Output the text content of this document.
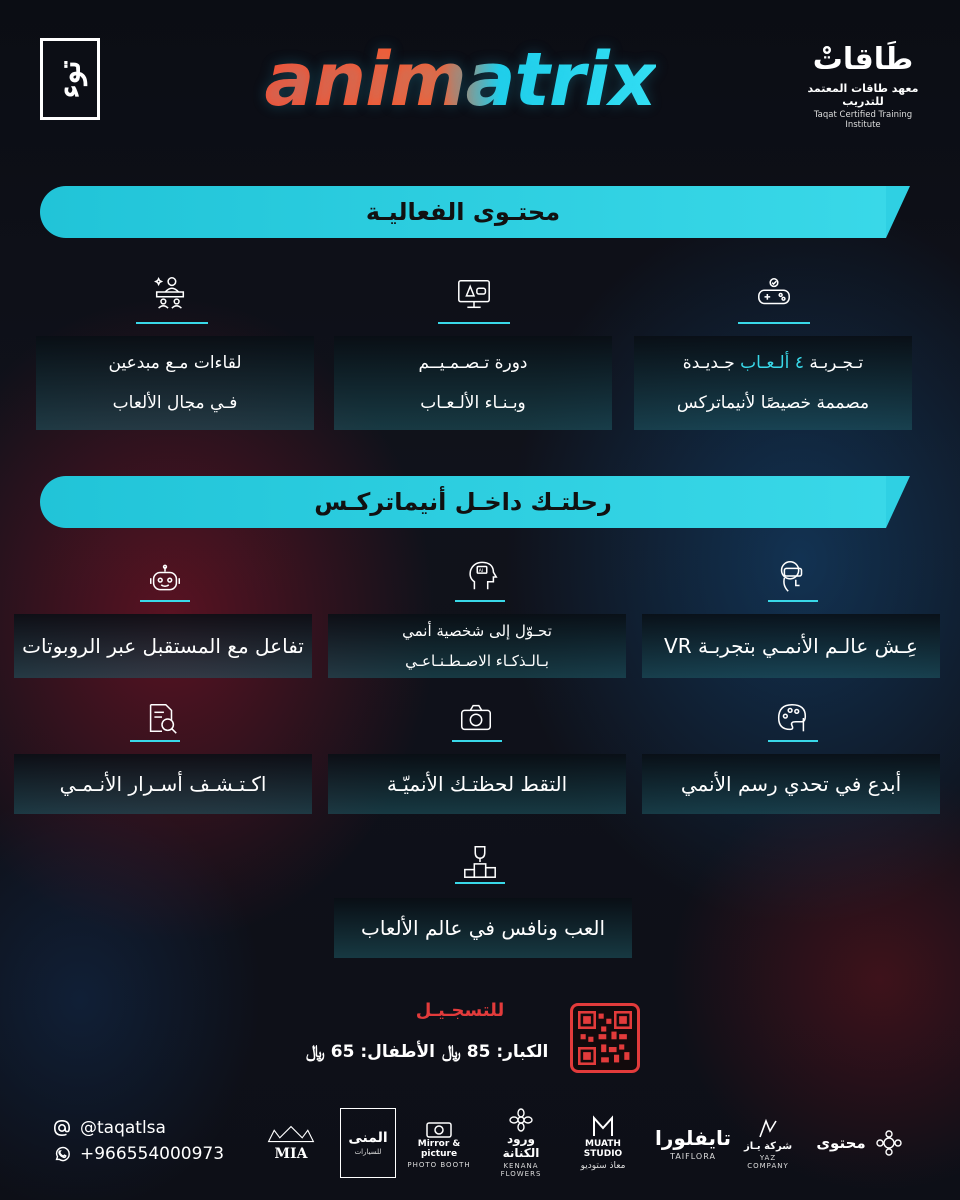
توء animatrix	طَاقاتْ
معهد طاقات المعتمد للتدريب
Taqat Certified Training Institute
محتـوى الفعاليـة
تـجـربـة ٤ ألـعـاب جـديـدة
مصممة خصيصًا لأنيماتركس
دورة تـصـمـيــم
وبـنـاء الألـعـاب
لقاءات مـع مبدعين
فـي مجال الألعاب
رحلتـك داخـل أنيماتركـس
AI
عِـش عالـم الأنمـي بتجربـة VR
تحـوّل إلى شخصية أنمي
بـالـذكـاء الاصـطـنـاعـي
تفاعل مع المستقبل عبر الروبوتات
أبدع في تحدي رسم الأنمي
التقط لحظتـك الأنميّـة
اكـتـشـف أسـرار الأنـمـي
العب ونافس في عالم الألعاب
للتسجـيـل
الكبار: 85 ﷼
الأطفال: 65 ﷼
@taqatlsa
+966554000973	MIA
المنى
للسيارات
Mirror & picture
PHOTO BOOTH
ورود الكنانة
KENANA FLOWERS
MUATH STUDIO
معاذ ستوديو
تايفلورا
TAIFLORA
شركة يـاز
YAZ COMPANY
محتوى
